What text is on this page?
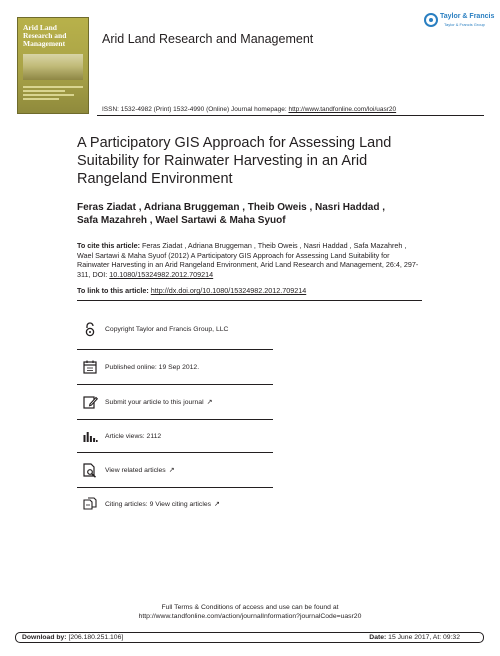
Arid Land
Research and
Management	Arid Land Research and Management
Taylor & Francis
Taylor & Francis Group
ISSN: 1532-4982 (Print) 1532-4990 (Online) Journal homepage: http://www.tandfonline.com/loi/uasr20
A Participatory GIS Approach for Assessing Land Suitability for Rainwater Harvesting in an Arid Rangeland Environment
Feras Ziadat , Adriana Bruggeman , Theib Oweis , Nasri Haddad , Safa Mazahreh , Wael Sartawi & Maha Syuof
To cite this article: Feras Ziadat , Adriana Bruggeman , Theib Oweis , Nasri Haddad , Safa Mazahreh , Wael Sartawi & Maha Syuof (2012) A Participatory GIS Approach for Assessing Land Suitability for Rainwater Harvesting in an Arid Rangeland Environment, Arid Land Research and Management, 26:4, 297-311, DOI: 10.1080/15324982.2012.709214
To link to this article: http://dx.doi.org/10.1080/15324982.2012.709214
Copyright Taylor and Francis Group, LLC
Published online: 19 Sep 2012.
Submit your article to this journal ↗
Article views: 2112
View related articles ↗
Citing articles: 9 View citing articles ↗
Full Terms & Conditions of access and use can be found at
http://www.tandfonline.com/action/journalInformation?journalCode=uasr20
Download by: [206.180.251.106]	Date: 15 June 2017, At: 09:32
